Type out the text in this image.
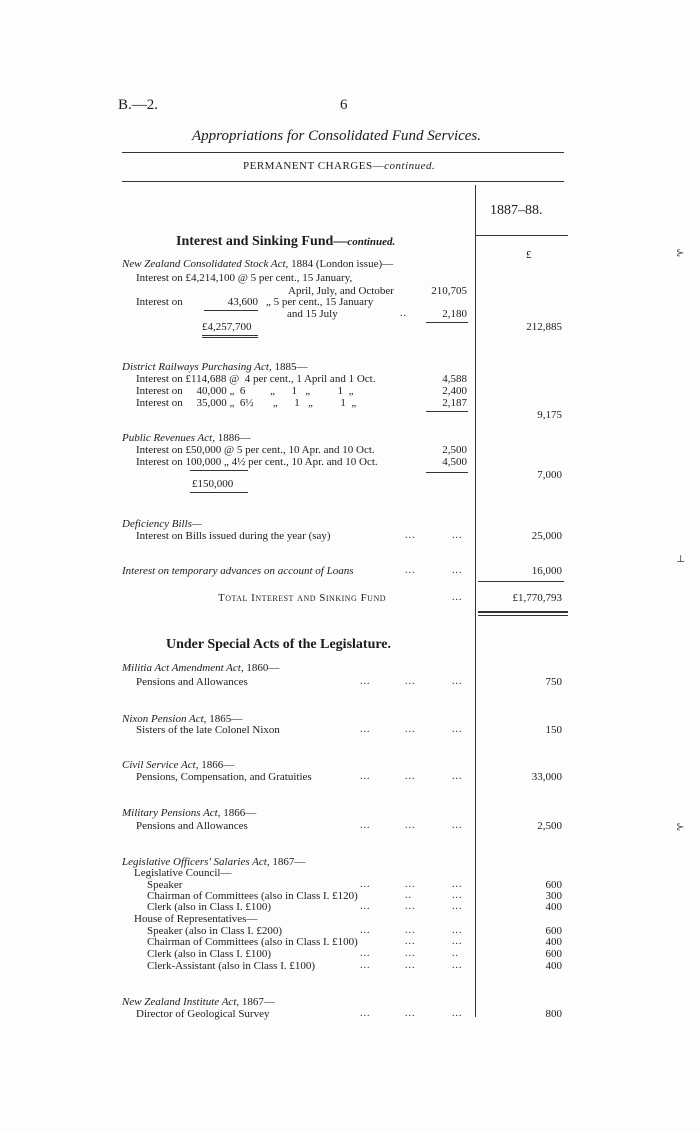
B.—2.	6
Appropriations for Consolidated Fund Services.
PERMANENT CHARGES—continued.
1887–88.
£
Interest and Sinking Fund—continued.
New Zealand Consolidated Stock Act, 1884 (London issue)—
Interest on £4,214,100 @ 5 per cent., 15 January,
April, July, and October	210,705
Interest on	43,600 „ 5 per cent., 15 January
and 15 July	..	2,180
£4,257,700	212,885
District Railways Purchasing Act, 1885—
Interest on £114,688 @  4 per cent., 1 April and 1 Oct.	4,588
Interest on     40,000 „  6         „      1   „          1  „	2,400
Interest on     35,000 „  6½       „      1   „          1  „	2,187
9,175
Public Revenues Act, 1886—
Interest on £50,000 @ 5 per cent., 10 Apr. and 10 Oct.	2,500
Interest on 100,000 „ 4½ per cent., 10 Apr. and 10 Oct.	4,500
7,000
£150,000
Deficiency Bills—
Interest on Bills issued during the year (say)	...	...	25,000
Interest on temporary advances on account of Loans	...	...	16,000
Total Interest and Sinking Fund	...	£1,770,793
Under Special Acts of the Legislature.
Militia Act Amendment Act, 1860—
Pensions and Allowances	...	...	...	750
Nixon Pension Act, 1865—
Sisters of the late Colonel Nixon	...	...	...	150
Civil Service Act, 1866—
Pensions, Compensation, and Gratuities	...	...	...	33,000
Military Pensions Act, 1866—
Pensions and Allowances	...	...	...	2,500
Legislative Officers' Salaries Act, 1867—
Legislative Council—
Speaker	...	...	...	600
Chairman of Committees (also in Class I. £120)	..	...	300
Clerk (also in Class I. £100)	...	...	...	400
House of Representatives—
Speaker (also in Class I. £200)	...	...	...	600
Chairman of Committees (also in Class I. £100)	...	...	400
Clerk (also in Class I. £100)	...	...	..	600
Clerk-Assistant (also in Class I. £100)	...	...	...	400
New Zealand Institute Act, 1867—
Director of Geological Survey	...	...	...	800
⊱
⊥
⊱
